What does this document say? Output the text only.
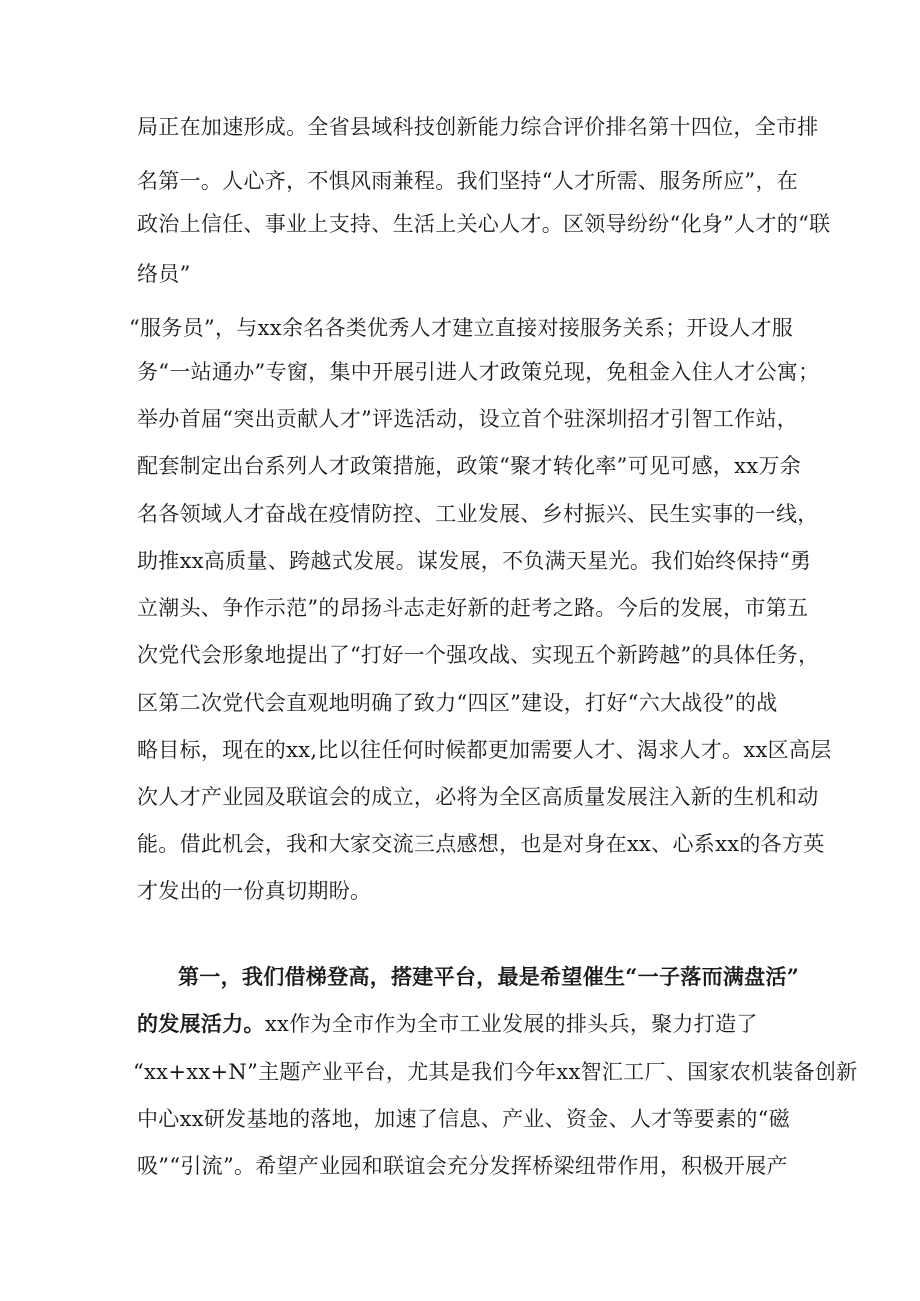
局正在加速形成。全省县域科技创新能力综合评价排名第十四位，全市排
名第一。人心齐，不惧风雨兼程。我们坚持“人才所需、服务所应”，在
政治上信任、事业上支持、生活上关心人才。区领导纷纷“化身”人才的“联
络员”
“服务员”，与xx余名各类优秀人才建立直接对接服务关系；开设人才服
务“一站通办”专窗，集中开展引进人才政策兑现，免租金入住人才公寓；
举办首届“突出贡献人才”评选活动，设立首个驻深圳招才引智工作站，
配套制定出台系列人才政策措施，政策“聚才转化率”可见可感，xx万余
名各领域人才奋战在疫情防控、工业发展、乡村振兴、民生实事的一线，
助推xx高质量、跨越式发展。谋发展，不负满天星光。我们始终保持“勇
立潮头、争作示范”的昂扬斗志走好新的赶考之路。今后的发展，市第五
次党代会形象地提出了“打好一个强攻战、实现五个新跨越”的具体任务，
区第二次党代会直观地明确了致力“四区”建设，打好“六大战役”的战
略目标，现在的xx,比以往任何时候都更加需要人才、渴求人才。xx区高层
次人才产业园及联谊会的成立，必将为全区高质量发展注入新的生机和动
能。借此机会，我和大家交流三点感想，也是对身在xx、心系xx的各方英
才发出的一份真切期盼。
第一，我们借梯登高，搭建平台，最是希望催生“一子落而满盘活”
的发展活力。xx作为全市作为全市工业发展的排头兵，聚力打造了
“xx+xx+N”主题产业平台，尤其是我们今年xx智汇工厂、国家农机装备创新
中心xx研发基地的落地，加速了信息、产业、资金、人才等要素的“磁
吸”“引流”。希望产业园和联谊会充分发挥桥梁纽带作用，积极开展产
